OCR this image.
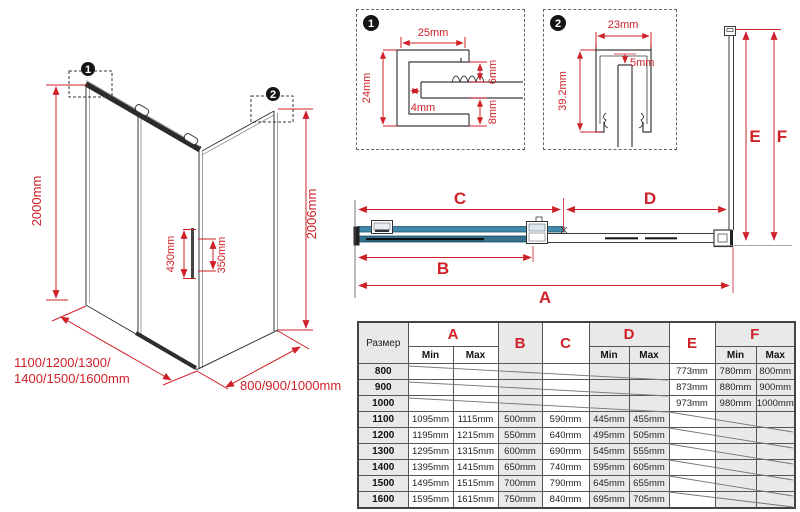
1
2
2000mm	2006mm
430mm	350mm
1100/1200/1300/
1400/1500/1600mm	800/900/1000mm
C	D
B
A
E F
1
25mm
24mm
6mm
8mm
4mm
2	23mm
39.2mm
5mm
Размер	A		B	C	D		E	F	
	Min	Max			Min	Max		Min	Max
800							773mm	780mm	800mm
900							873mm	880mm	900mm
1000							973mm	980mm	1000mm
1100	1095mm	1115mm	500mm	590mm	445mm	455mm			
1200	1195mm	1215mm	550mm	640mm	495mm	505mm			
1300	1295mm	1315mm	600mm	690mm	545mm	555mm			
1400	1395mm	1415mm	650mm	740mm	595mm	605mm			
1500	1495mm	1515mm	700mm	790mm	645mm	655mm			
1600	1595mm	1615mm	750mm	840mm	695mm	705mm			
